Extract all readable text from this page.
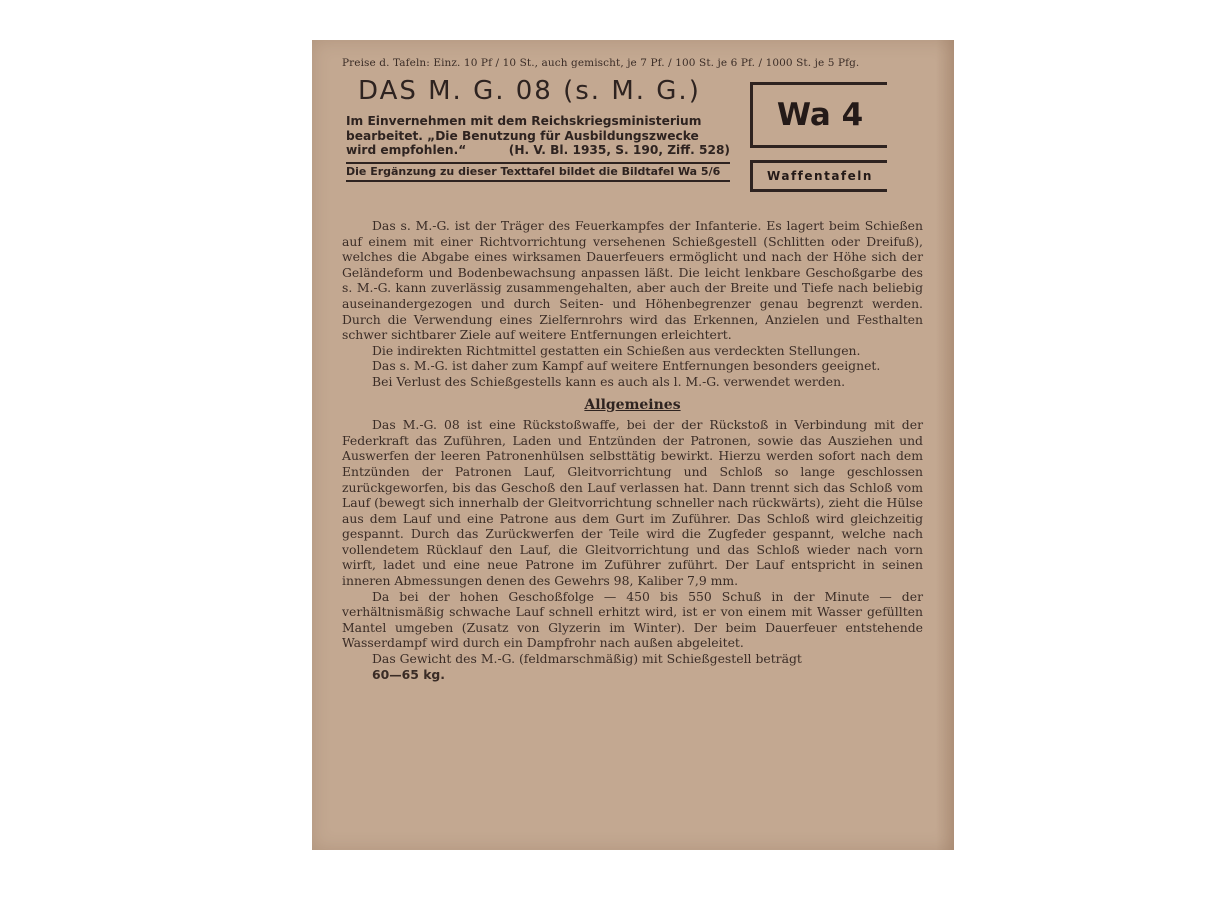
Preise d. Tafeln: Einz. 10 Pf / 10 St., auch gemischt, je 7 Pf. / 100 St. je 6 Pf. / 1000 St. je 5 Pfg.
DAS M. G. 08 (s. M. G.)
Im Einvernehmen mit dem Reichskriegsministerium
bearbeitet. „Die Benutzung für Ausbildungszwecke
wird empfohlen.“	(H. V. Bl. 1935, S. 190, Ziff. 528)
Die Ergänzung zu dieser Texttafel bildet die Bildtafel Wa 5/6
Wa 4
Waffentafeln

Das s. M.-G. ist der Träger des Feuerkampfes der Infanterie. Es lagert beim Schießen auf einem mit einer Richtvorrichtung versehenen Schießgestell (Schlitten oder Dreifuß), welches die Abgabe eines wirksamen Dauerfeuers ermöglicht und nach der Höhe sich der Geländeform und Bodenbewachsung anpassen läßt. Die leicht lenkbare Geschoßgarbe des s. M.-G. kann zuverlässig zusammengehalten, aber auch der Breite und Tiefe nach beliebig auseinandergezogen und durch Seiten- und Höhenbegrenzer genau begrenzt werden. Durch die Verwendung eines Zielfernrohrs wird das Erkennen, Anzielen und Festhalten schwer sichtbarer Ziele auf weitere Entfernungen erleichtert.

Die indirekten Richtmittel gestatten ein Schießen aus verdeckten Stellungen.

Das s. M.-G. ist daher zum Kampf auf weitere Entfernungen besonders geeignet.

Bei Verlust des Schießgestells kann es auch als l. M.-G. verwendet werden.

Allgemeines

Das M.-G. 08 ist eine Rückstoßwaffe, bei der der Rückstoß in Verbindung mit der Federkraft das Zuführen, Laden und Entzünden der Patronen, sowie das Ausziehen und Auswerfen der leeren Patronenhülsen selbsttätig bewirkt. Hierzu werden sofort nach dem Entzünden der Patronen Lauf, Gleitvorrichtung und Schloß so lange geschlossen zurückgeworfen, bis das Geschoß den Lauf verlassen hat. Dann trennt sich das Schloß vom Lauf (bewegt sich innerhalb der Gleitvorrichtung schneller nach rückwärts), zieht die Hülse aus dem Lauf und eine Patrone aus dem Gurt im Zuführer. Das Schloß wird gleichzeitig gespannt. Durch das Zurückwerfen der Teile wird die Zugfeder gespannt, welche nach vollendetem Rücklauf den Lauf, die Gleitvorrichtung und das Schloß wieder nach vorn wirft, ladet und eine neue Patrone im Zuführer zuführt. Der Lauf entspricht in seinen inneren Abmessungen denen des Gewehrs 98, Kaliber 7,9 mm.

Da bei der hohen Geschoßfolge — 450 bis 550 Schuß in der Minute — der verhältnismäßig schwache Lauf schnell erhitzt wird, ist er von einem mit Wasser gefüllten Mantel umgeben (Zusatz von Glyzerin im Winter). Der beim Dauerfeuer entstehende Wasserdampf wird durch ein Dampfrohr nach außen abgeleitet.

Das Gewicht des M.-G. (feldmarschmäßig) mit Schießgestell beträgt

60—65 kg.
